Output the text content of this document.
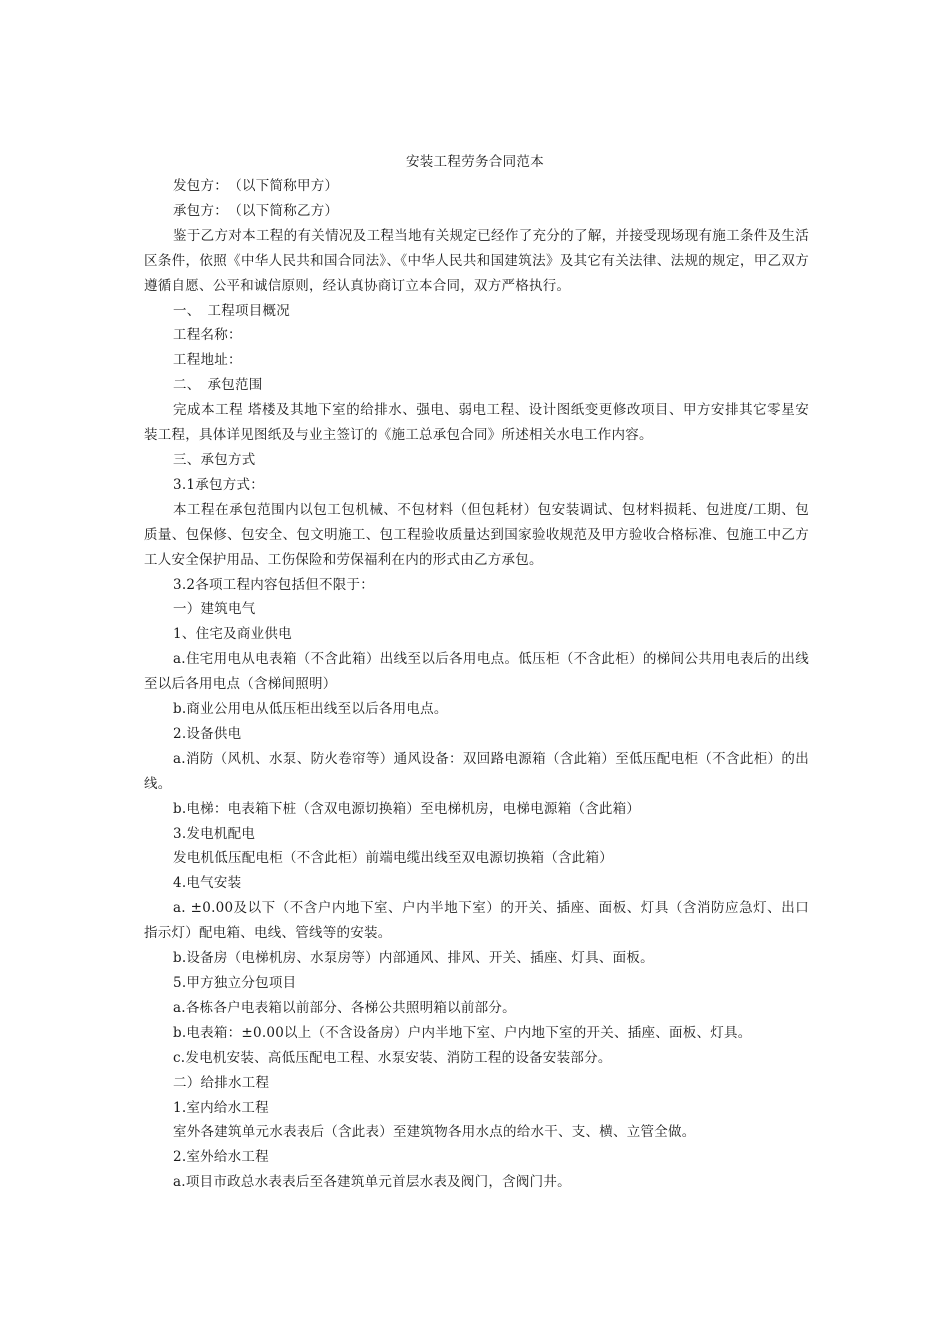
安装工程劳务合同范本

发包方：　（以下简称甲方）

承包方：　（以下简称乙方）

鉴于乙方对本工程的有关情况及工程当地有关规定已经作了充分的了解，并接受现场现有施工条件及生活区条件，依照《中华人民共和国合同法》、《中华人民共和国建筑法》及其它有关法律、法规的规定，甲乙双方遵循自愿、公平和诚信原则，经认真协商订立本合同，双方严格执行。

一、　工程项目概况

工程名称：

工程地址：

二、　承包范围

完成本工程 塔楼及其地下室的给排水、强电、弱电工程、设计图纸变更修改项目、甲方安排其它零星安装工程，具体详见图纸及与业主签订的《施工总承包合同》所述相关水电工作内容。

三、承包方式

3.1承包方式：

本工程在承包范围内以包工包机械、不包材料（但包耗材）包安装调试、包材料损耗、包进度/工期、包质量、包保修、包安全、包文明施工、包工程验收质量达到国家验收规范及甲方验收合格标准、包施工中乙方工人安全保护用品、工伤保险和劳保福利在内的形式由乙方承包。

3.2各项工程内容包括但不限于：

一）建筑电气

1、住宅及商业供电

a.住宅用电从电表箱（不含此箱）出线至以后各用电点。低压柜（不含此柜）的梯间公共用电表后的出线至以后各用电点（含梯间照明）

b.商业公用电从低压柜出线至以后各用电点。

2.设备供电

a.消防（风机、水泵、防火卷帘等）通风设备：双回路电源箱（含此箱）至低压配电柜（不含此柜）的出线。

b.电梯：电表箱下桩（含双电源切换箱）至电梯机房，电梯电源箱（含此箱）

3.发电机配电

发电机低压配电柜（不含此柜）前端电缆出线至双电源切换箱（含此箱）

4.电气安装

a. ±0.00及以下（不含户内地下室、户内半地下室）的开关、插座、面板、灯具（含消防应急灯、出口指示灯）配电箱、电线、管线等的安装。

b.设备房（电梯机房、水泵房等）内部通风、排风、开关、插座、灯具、面板。

5.甲方独立分包项目

a.各栋各户电表箱以前部分、各梯公共照明箱以前部分。

b.电表箱：±0.00以上（不含设备房）户内半地下室、户内地下室的开关、插座、面板、灯具。

c.发电机安装、高低压配电工程、水泵安装、消防工程的设备安装部分。

二）给排水工程

1.室内给水工程

室外各建筑单元水表表后（含此表）至建筑物各用水点的给水干、支、横、立管全做。

2.室外给水工程

a.项目市政总水表表后至各建筑单元首层水表及阀门，含阀门井。
